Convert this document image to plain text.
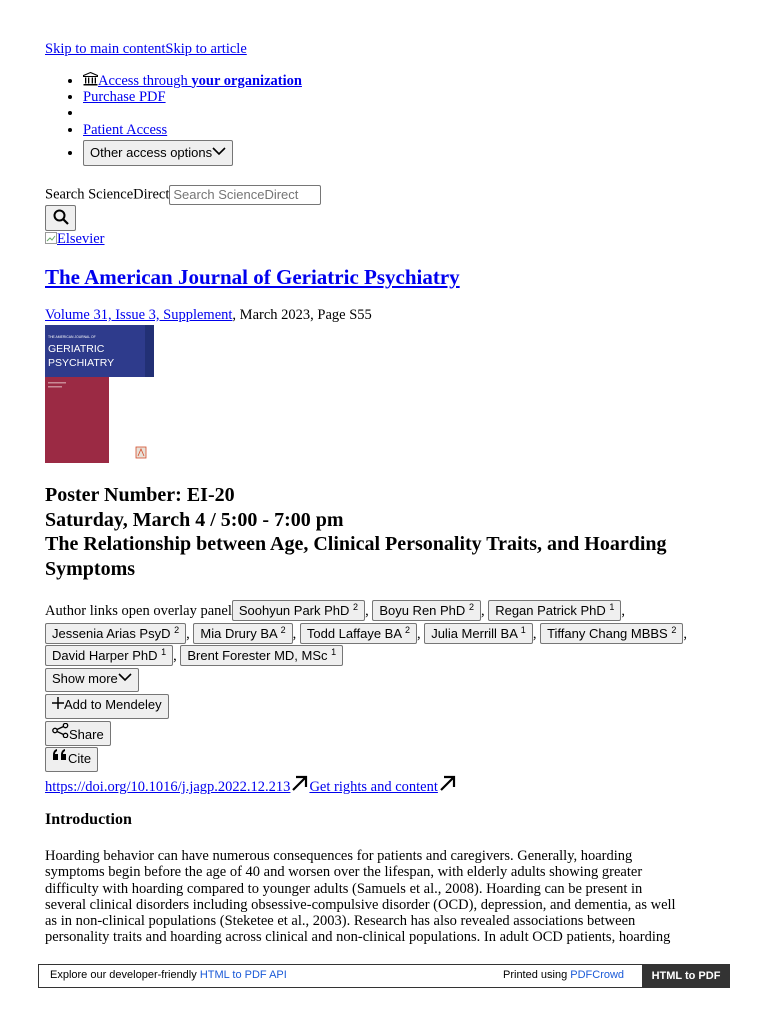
Skip to main contentSkip to article
• Access through your organization
• Purchase PDF
•
• Patient Access
• Other access options
Search ScienceDirect Search ScienceDirect
Elsevier
The American Journal of Geriatric Psychiatry
Volume 31, Issue 3, Supplement, March 2023, Page S55
THE AMERICAN JOURNAL OF
GERIATRIC
PSYCHIATRY
Poster Number: EI-20
Saturday, March 4 / 5:00 - 7:00 pm
The Relationship between Age, Clinical Personality Traits, and Hoarding Symptoms
Author links open overlay panel Soohyun Park PhD $^2$ , Boyu Ren PhD $^2$ , Regan Patrick PhD $^1$ , Jessenia Arias PsyD $^2$ , Mia Drury BA $^2$ , Todd Laffaye BA $^2$ , Julia Merrill BA $^1$ , Tiffany Chang MBBS $^2$ , David Harper PhD $^1$ , Brent Forester MD, MSc $^1$
Show more
Add to Mendeley
Share
Cite
https://doi.org/10.1016/j.jagp.2022.12.213 Get rights and content
Introduction
Hoarding behavior can have numerous consequences for patients and caregivers. Generally, hoarding
symptoms begin before the age of 40 and worsen over the lifespan, with elderly adults showing greater
difficulty with hoarding compared to younger adults (Samuels et al., 2008). Hoarding can be present in
several clinical disorders including obsessive-compulsive disorder (OCD), depression, and dementia, as well
as in non-clinical populations (Steketee et al., 2003). Research has also revealed associations between
personality traits and hoarding across clinical and non-clinical populations. In adult OCD patients, hoarding
Explore our developer-friendly HTML to PDF API	Printed using PDFCrowd	HTML to PDF
